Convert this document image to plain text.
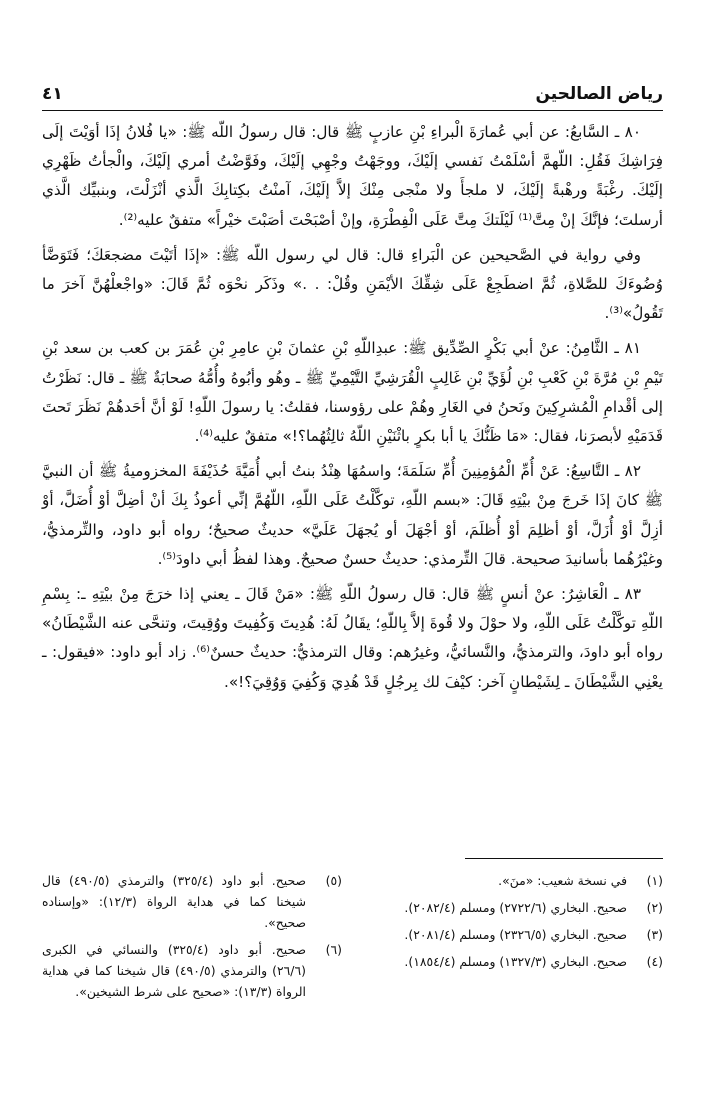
رياض الصالحين
٤١

٨٠ ـ السَّابعُ: عن أبي عُمارَةَ الْبراءِ بْنِ عازبٍ ﷺ قال: قال رسولُ اللّه ﷺ: «يا فُلانُ إذَا أوَيْتَ إلَى فِرَاشِكَ فَقُلِ: اللّهمَّ أسْلَمْتُ نَفسي إلَيْكَ، ووجَهْتُ وجْهِي إلَيْكَ، وفَوَّضْتُ أمري إلَيْكَ، والْجأتُ ظَهْرِي إلَيْكَ. رغْبَةً ورهْبةً إلَيْكَ، لا ملجأَ ولا منْجى مِنْكَ إلاَّ إلَيْكَ، آمنْتُ بكِتابِكَ الَّذي أنْزَلْتَ، وبنبيِّك الَّذي أرسلتَ؛ فإنَّكَ إنْ مِتَّ⁽¹⁾ لَيْلَتكَ مِتَّ عَلَى الْفِطْرَةِ، وإنْ أصْبَحْتَ أصَبْتَ خيْراً» متفقٌ عليه⁽²⁾.

وفي رواية في الصَّحيحين عن الْبَراءِ قال: قال لي رسول اللّه ﷺ: «إذَا أتَيْتَ مضجعَكَ؛ فَتَوَضَّأ وُضُوءَكَ للصَّلاةِ، ثُمَّ اضطَجِعْ عَلَى شِقِّكَ الأيْمَنِ وقُلْ: . .» وذَكَر نحْوَه ثُمَّ قَالَ: «واجْعلْهُنَّ آخرَ ما تَقُولُ»⁽³⁾.

٨١ ـ الثَّامِنُ: عنْ أبي بَكْرٍ الصِّدِّيق ﷺ: عبدِاللّهِ بْنِ عثمانَ بْنِ عامِرِ بْنِ عُمَرَ بن كعب بن سعد بْنِ تَيْمِ بْنِ مُرَّةَ بْنِ كَعْبِ بْنِ لُؤَيِّ بْنِ غَالِبٍ الْقُرَشِيِّ التَّيْمِيِّ ﷺ ـ وهُو وأبُوهُ وأُمُّهُ صحابَةٌ ﷺ ـ قال: نَظَرْتُ إلى أقْدامِ الْمُشرِكِينَ ونَحنُ في الغَارِ وهُمْ على رؤوسنا، فقلتُ: يا رسولَ اللّهِ! لَوْ أنَّ أحَدهُمْ نَظَرَ تَحتَ قَدَمَيْهِ لأبصرَنا، فقال: «مَا ظَنُّكَ يا أبا بكرٍ باثْنَيْنِ اللّهُ ثالِثُهُما؟!» متفقٌ عليه⁽⁴⁾.

٨٢ ـ التَّاسِعُ: عَنْ أُمِّ الْمُؤمِنِينَ أُمِّ سَلَمَةَ؛ واسمُهَا هِنْدُ بنتُ أبي أُمَيَّةَ حُذَيْفَةَ المخزوميةُ ﷺ أن النبيَّ ﷺ كانَ إذَا خَرجَ مِنْ بيْتِهِ قَالَ: «بسم اللّهِ، توكَّلْتُ عَلَى اللّهِ، اللّهُمَّ إنِّي أعوذُ بِكَ أنْ أضِلَّ أوْ أُضَلَّ، أوْ أزِلَّ أوْ أُزَلَّ، أوْ أظلِمَ أوْ أُظلَمَ، أوْ أجْهَلَ أو يُجهَلَ عَلَيَّ» حديثٌ صحيحٌ؛ رواه أبو داود، والتِّرمذيُّ، وغيْرُهُما بأسانيدَ صحيحة. قالَ التِّرمذي: حديثٌ حسنٌ صحيحٌ. وهذا لفظُ أبي داودَ⁽⁵⁾.

٨٣ ـ الْعَاشِرُ: عنْ أنسٍ ﷺ قال: قال رسولُ اللّهِ ﷺ: «مَنْ قَالَ ـ يعني إذا خرَجَ مِنْ بيْتِهِ ـ: بِسْمِ اللّهِ توكَّلْتُ عَلَى اللّهِ، ولا حوْلَ ولا قُوةَ إلاَّ بِاللّهِ؛ يقَالُ لَهُ: هُدِيتَ وَكُفِيتَ ووُقِيتَ، وتنحَّى عنه الشَّيْطَانُ» رواه أبو داودَ، والترمذيُّ، والنَّسائيُّ، وغيرُهم: وقال الترمذيُّ: حديثٌ حسنٌ⁽⁶⁾. زاد أبو داود: «فيقول: ـ يعْنِي الشَّيْطَانَ ـ لِشَيْطانٍ آخر: كيْفَ لك بِرجُلٍ قَدْ هُدِيَ وَكُفِيَ وَوُقِيَ؟!».

(١)
في نسخة شعيب: «منَ».
(٢)
صحيح. البخاري (٢٧٢٢/٦) ومسلم (٢٠٨٢/٤).
(٣)
صحيح. البخاري (٢٣٢٦/٥) ومسلم (٢٠٨١/٤).
(٤)
صحيح. البخاري (١٣٢٧/٣) ومسلم (١٨٥٤/٤).
(٥)
صحيح. أبو داود (٣٢٥/٤) والترمذي (٤٩٠/٥) قال شيخنا كما في هداية الرواة (١٢/٣): «وإسناده صحيح».
(٦)
صحيح. أبو داود (٣٢٥/٤) والنسائي في الكبرى (٢٦/٦) والترمذي (٤٩٠/٥) قال شيخنا كما في هداية الرواة (١٣/٣): «صحيح على شرط الشيخين».
